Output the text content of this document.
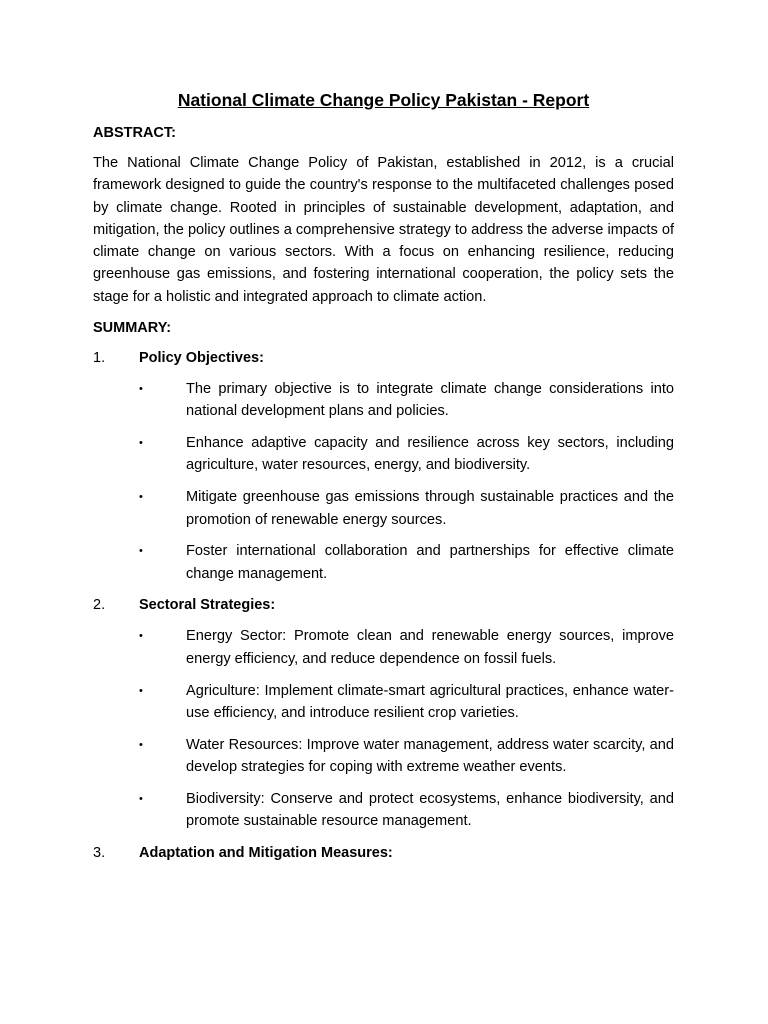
National Climate Change Policy Pakistan - Report
ABSTRACT:

The National Climate Change Policy of Pakistan, established in 2012, is a crucial framework designed to guide the country's response to the multifaceted challenges posed by climate change. Rooted in principles of sustainable development, adaptation, and mitigation, the policy outlines a comprehensive strategy to address the adverse impacts of climate change on various sectors. With a focus on enhancing resilience, reducing greenhouse gas emissions, and fostering international cooperation, the policy sets the stage for a holistic and integrated approach to climate action.

SUMMARY:
1.	Policy Objectives:
•	The primary objective is to integrate climate change considerations into national development plans and policies.
•	Enhance adaptive capacity and resilience across key sectors, including agriculture, water resources, energy, and biodiversity.
•	Mitigate greenhouse gas emissions through sustainable practices and the promotion of renewable energy sources.
•	Foster international collaboration and partnerships for effective climate change management.
2.	Sectoral Strategies:
•	Energy Sector: Promote clean and renewable energy sources, improve energy efficiency, and reduce dependence on fossil fuels.
•	Agriculture: Implement climate-smart agricultural practices, enhance water-use efficiency, and introduce resilient crop varieties.
•	Water Resources: Improve water management, address water scarcity, and develop strategies for coping with extreme weather events.
•	Biodiversity: Conserve and protect ecosystems, enhance biodiversity, and promote sustainable resource management.
3.	Adaptation and Mitigation Measures:
